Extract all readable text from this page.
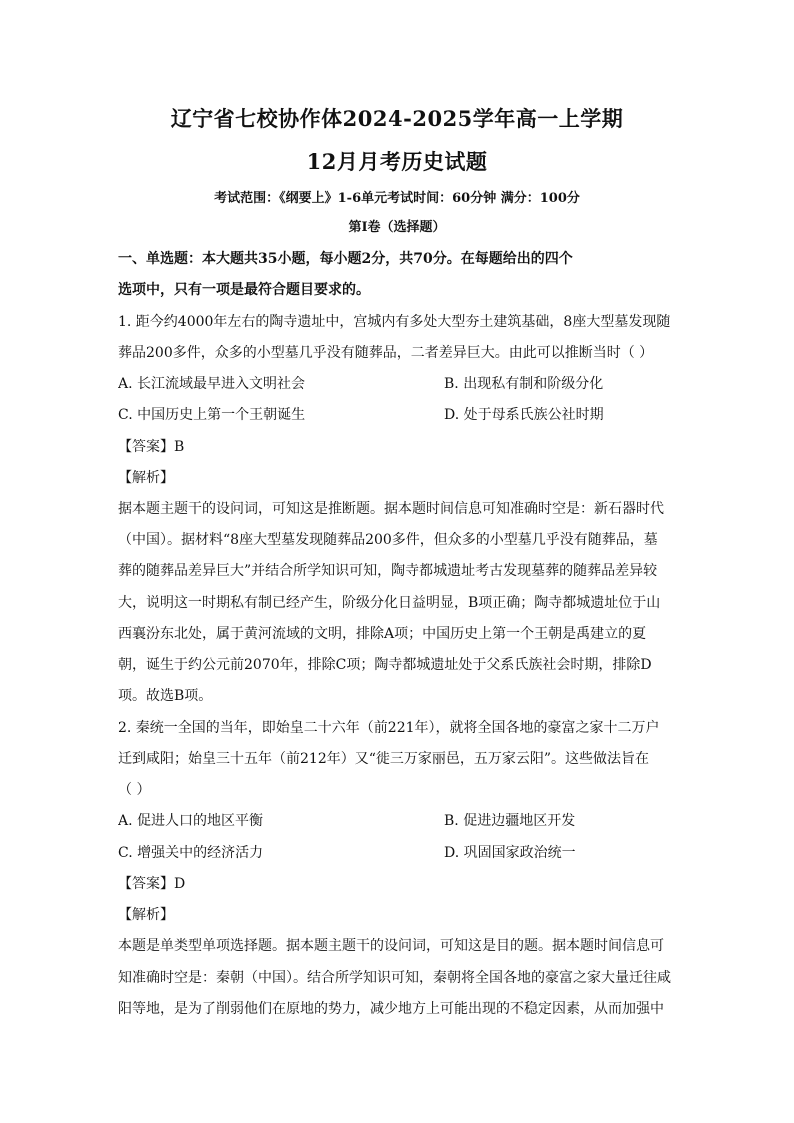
辽宁省七校协作体2024-2025学年高一上学期
12月月考历史试题
考试范围：《纲要上》1-6单元考试时间：60分钟 满分：100分
第I卷（选择题）
一、单选题：本大题共35小题，每小题2分，共70分。在每题给出的四个
选项中，只有一项是最符合题目要求的。
1. 距今约4000年左右的陶寺遗址中，宫城内有多处大型夯土建筑基础，8座大型墓发现随
葬品200多件，众多的小型墓几乎没有随葬品，二者差异巨大。由此可以推断当时（ ）
A. 长江流域最早进入文明社会	B. 出现私有制和阶级分化
C. 中国历史上第一个王朝诞生	D. 处于母系氏族公社时期
【答案】B
【解析】
据本题主题干的设问词，可知这是推断题。据本题时间信息可知准确时空是：新石器时代
（中国）。据材料“8座大型墓发现随葬品200多件，但众多的小型墓几乎没有随葬品，墓
葬的随葬品差异巨大”并结合所学知识可知，陶寺都城遗址考古发现墓葬的随葬品差异较
大，说明这一时期私有制已经产生，阶级分化日益明显，B项正确；陶寺都城遗址位于山
西襄汾东北处，属于黄河流域的文明，排除A项；中国历史上第一个王朝是禹建立的夏
朝，诞生于约公元前2070年，排除C项；陶寺都城遗址处于父系氏族社会时期，排除D
项。故选B项。
2. 秦统一全国的当年，即始皇二十六年（前221年），就将全国各地的豪富之家十二万户
迁到咸阳；始皇三十五年（前212年）又“徙三万家丽邑，五万家云阳”。这些做法旨在
（ ）
A. 促进人口的地区平衡	B. 促进边疆地区开发
C. 增强关中的经济活力	D. 巩固国家政治统一
【答案】D
【解析】
本题是单类型单项选择题。据本题主题干的设问词，可知这是目的题。据本题时间信息可
知准确时空是：秦朝（中国）。结合所学知识可知，秦朝将全国各地的豪富之家大量迁往咸
阳等地，是为了削弱他们在原地的势力，减少地方上可能出现的不稳定因素，从而加强中
